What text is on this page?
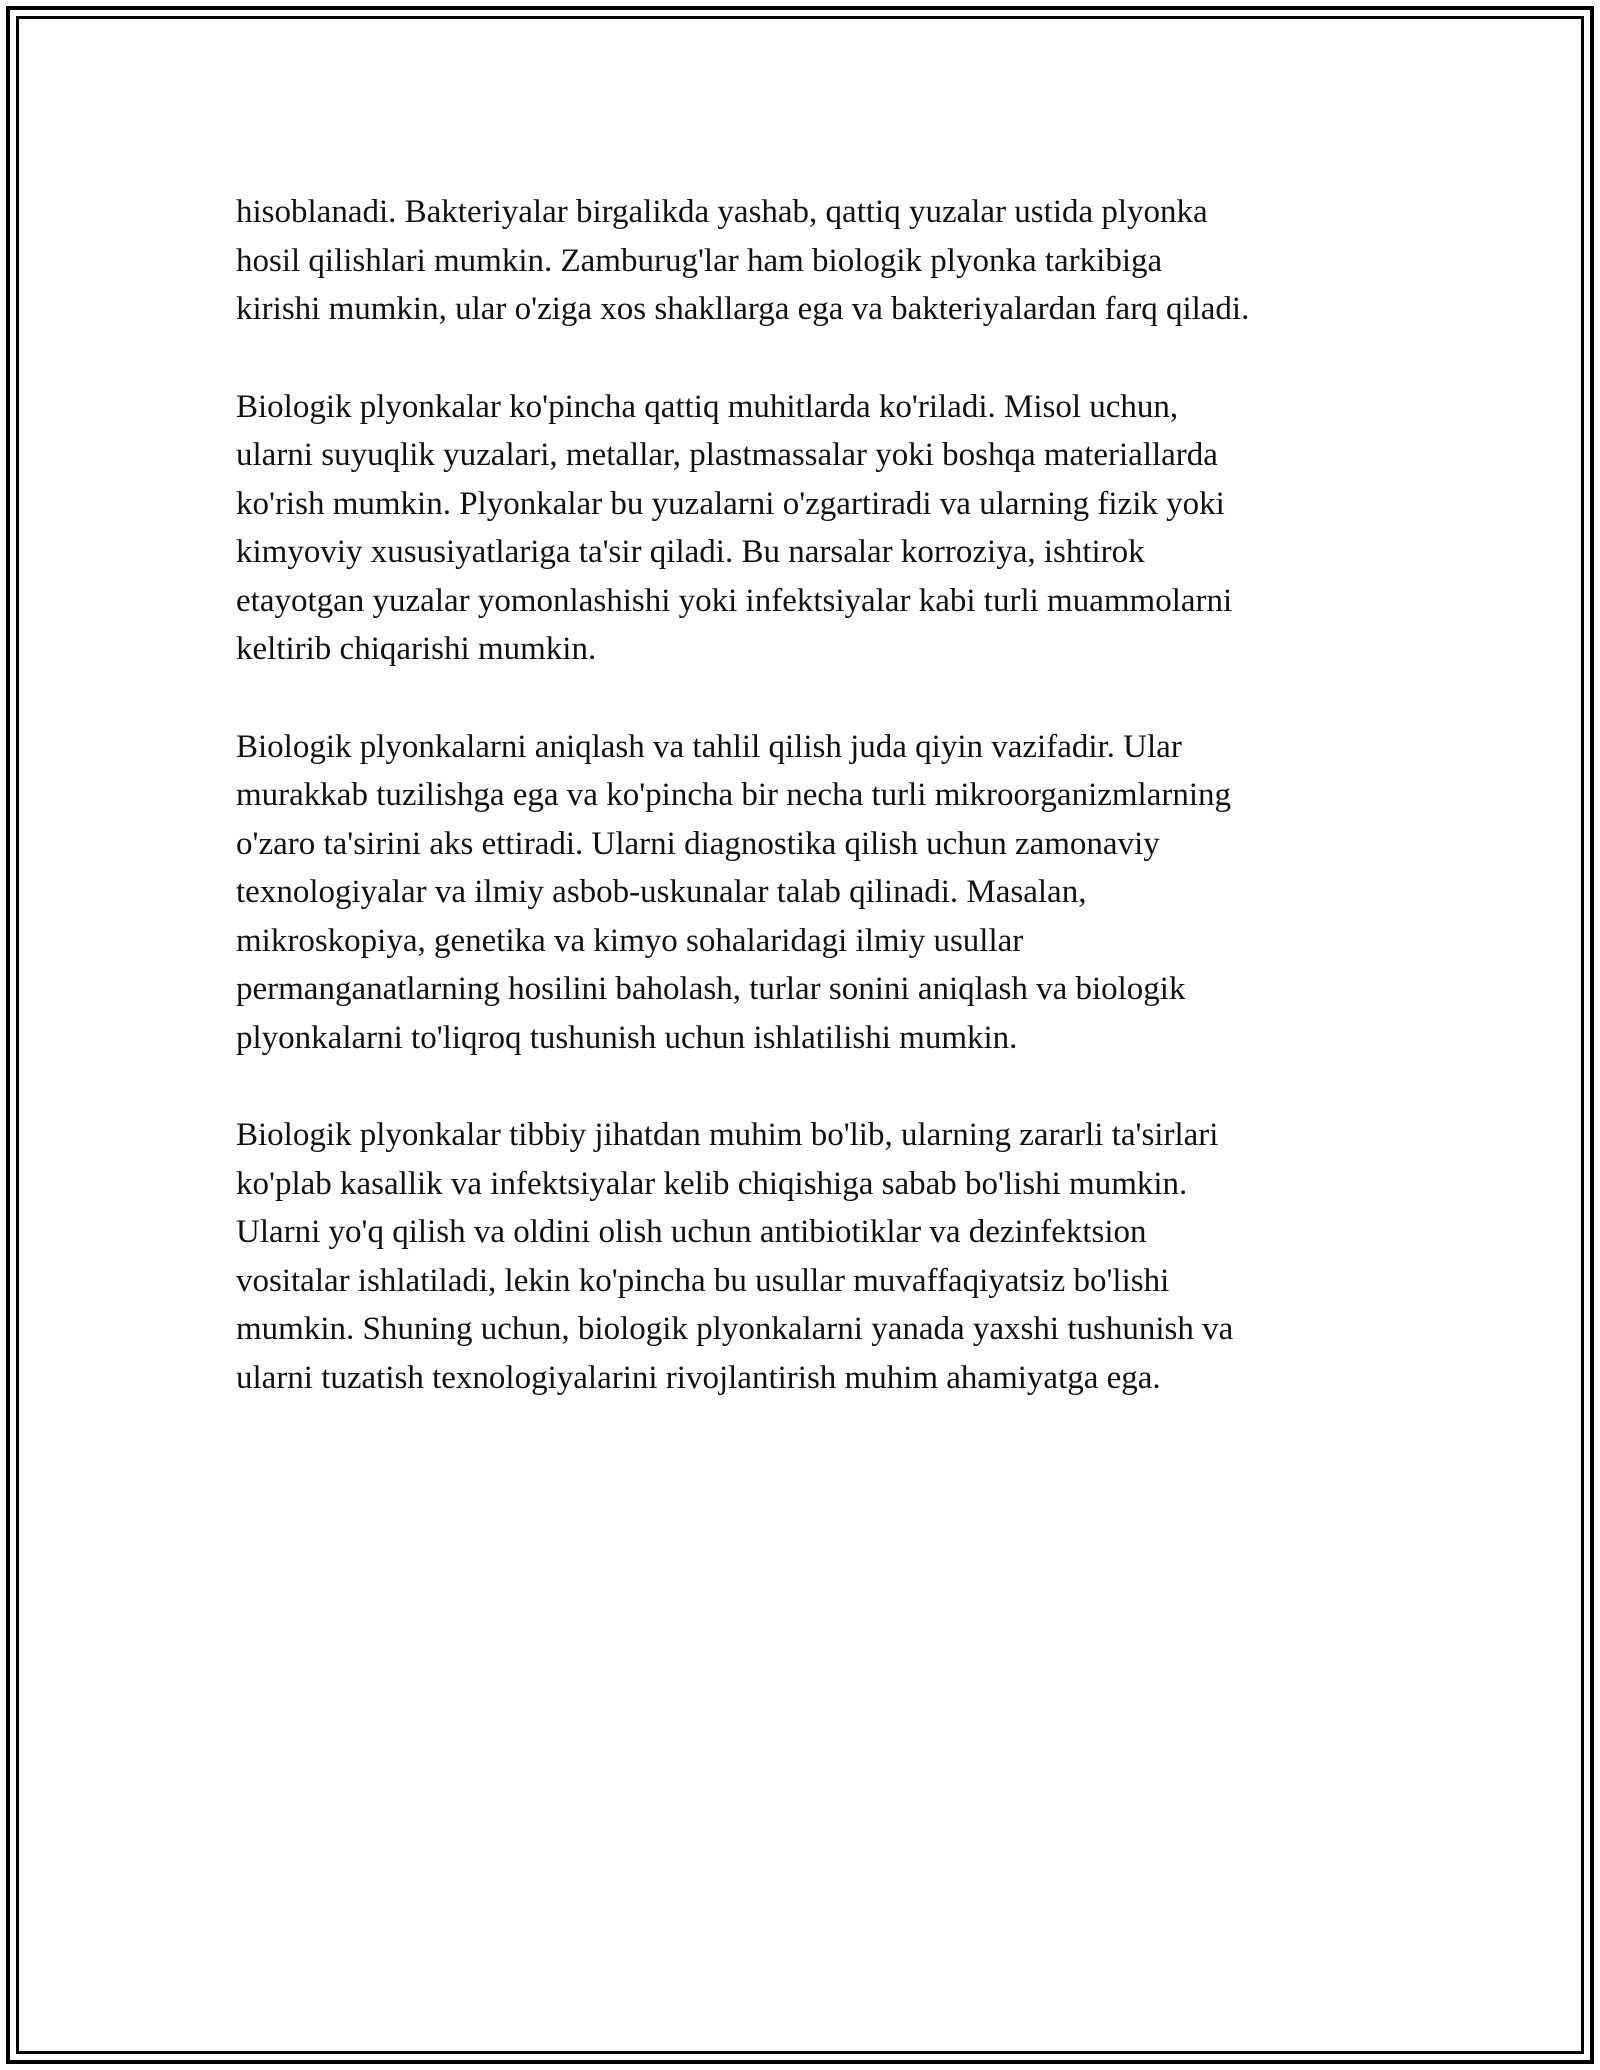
hisoblanadi. Bakteriyalar birgalikda yashab, qattiq yuzalar ustida plyonka
hosil qilishlari mumkin. Zamburug'lar ham biologik plyonka tarkibiga
kirishi mumkin, ular o'ziga xos shakllarga ega va bakteriyalardan farq qiladi.

Biologik plyonkalar ko'pincha qattiq muhitlarda ko'riladi. Misol uchun,
ularni suyuqlik yuzalari, metallar, plastmassalar yoki boshqa materiallarda
ko'rish mumkin. Plyonkalar bu yuzalarni o'zgartiradi va ularning fizik yoki
kimyoviy xususiyatlariga ta'sir qiladi. Bu narsalar korroziya, ishtirok
etayotgan yuzalar yomonlashishi yoki infektsiyalar kabi turli muammolarni
keltirib chiqarishi mumkin.

Biologik plyonkalarni aniqlash va tahlil qilish juda qiyin vazifadir. Ular
murakkab tuzilishga ega va ko'pincha bir necha turli mikroorganizmlarning
o'zaro ta'sirini aks ettiradi. Ularni diagnostika qilish uchun zamonaviy
texnologiyalar va ilmiy asbob-uskunalar talab qilinadi. Masalan,
mikroskopiya, genetika va kimyo sohalaridagi ilmiy usullar
permanganatlarning hosilini baholash, turlar sonini aniqlash va biologik
plyonkalarni to'liqroq tushunish uchun ishlatilishi mumkin.

Biologik plyonkalar tibbiy jihatdan muhim bo'lib, ularning zararli ta'sirlari
ko'plab kasallik va infektsiyalar kelib chiqishiga sabab bo'lishi mumkin.
Ularni yo'q qilish va oldini olish uchun antibiotiklar va dezinfektsion
vositalar ishlatiladi, lekin ko'pincha bu usullar muvaffaqiyatsiz bo'lishi
mumkin. Shuning uchun, biologik plyonkalarni yanada yaxshi tushunish va
ularni tuzatish texnologiyalarini rivojlantirish muhim ahamiyatga ega.
